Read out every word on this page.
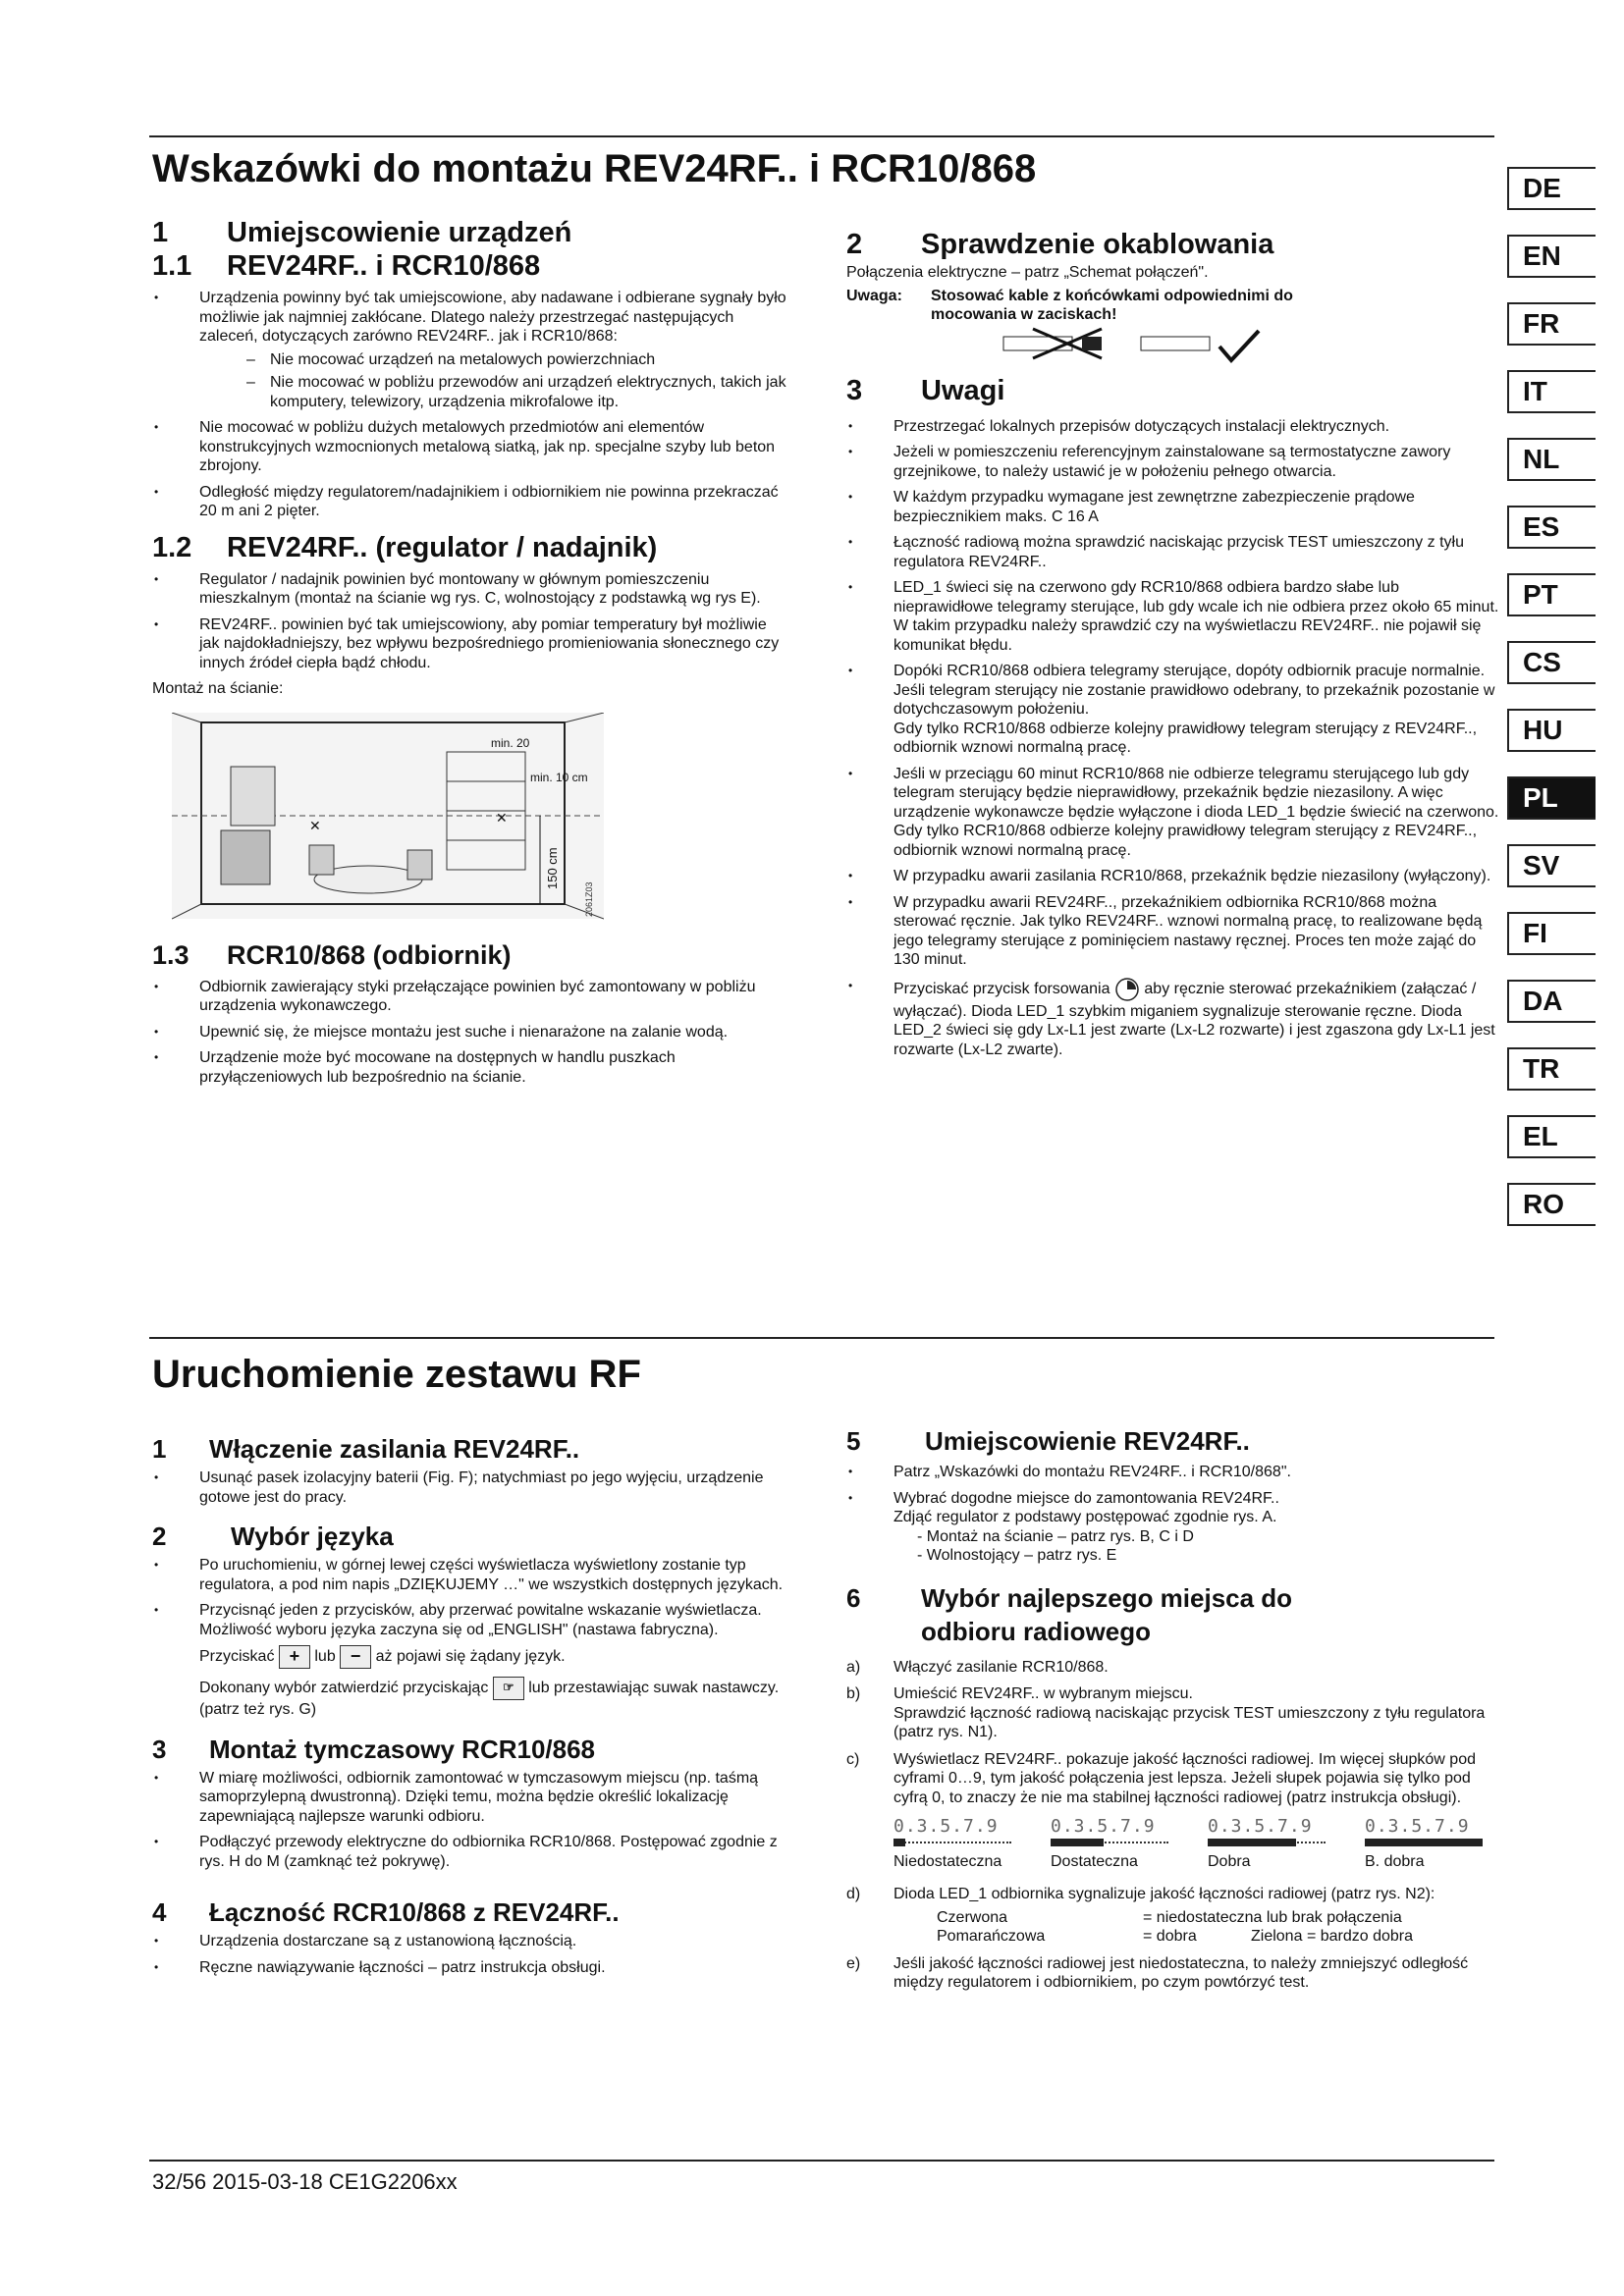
Wskazówki do montażu REV24RF.. i RCR10/868
1 Umiejscowienie urządzeń
1.1 REV24RF.. i RCR10/868
• Urządzenia powinny być tak umiejscowione, aby nadawane i odbierane sygnały było możliwie jak najmniej zakłócane. Dlatego należy przestrzegać następujących zaleceń, dotyczących zarówno REV24RF.. jak i RCR10/868:
– Nie mocować urządzeń na metalowych powierzchniach
– Nie mocować w pobliżu przewodów ani urządzeń elektrycznych, takich jak komputery, telewizory, urządzenia mikrofalowe itp.
• Nie mocować w pobliżu dużych metalowych przedmiotów ani elementów konstrukcyjnych wzmocnionych metalową siatką, jak np. specjalne szyby lub beton zbrojony.
• Odległość między regulatorem/nadajnikiem i odbiornikiem nie powinna przekraczać 20 m ani 2 pięter.
1.2 REV24RF.. (regulator / nadajnik)
• Regulator / nadajnik powinien być montowany w głównym pomieszczeniu mieszkalnym (montaż na ścianie wg rys. C, wolnostojący z podstawką wg rys E).
• REV24RF.. powinien być tak umiejscowiony, aby pomiar temperatury był możliwie jak najdokładniejszy, bez wpływu bezpośredniego promieniowania słonecznego czy innych źródeł ciepła bądź chłodu.
Montaż na ścianie:
✕	✕
min. 20
min. 10 cm
150 cm
2061Z03
1.3 RCR10/868 (odbiornik)
• Odbiornik zawierający styki przełączające powinien być zamontowany w pobliżu urządzenia wykonawczego.
• Upewnić się, że miejsce montażu jest suche i nienarażone na zalanie wodą.
• Urządzenie może być mocowane na dostępnych w handlu puszkach przyłączeniowych lub bezpośrednio na ścianie.
2 Sprawdzenie okablowania
Połączenia elektryczne – patrz „Schemat połączeń".
Uwaga:	Stosować kable z końcówkami odpowiednimi do mocowania w zaciskach!
3 Uwagi
• Przestrzegać lokalnych przepisów dotyczących instalacji elektrycznych.
• Jeżeli w pomieszczeniu referencyjnym zainstalowane są termostatyczne zawory grzejnikowe, to należy ustawić je w położeniu pełnego otwarcia.
• W każdym przypadku wymagane jest zewnętrzne zabezpieczenie prądowe bezpiecznikiem maks. C 16 A
• Łączność radiową można sprawdzić naciskając przycisk TEST umieszczony z tyłu regulatora REV24RF..
• LED_1 świeci się na czerwono gdy RCR10/868 odbiera bardzo słabe lub nieprawidłowe telegramy sterujące, lub gdy wcale ich nie odbiera przez około 65 minut.
W takim przypadku należy sprawdzić czy na wyświetlaczu REV24RF.. nie pojawił się komunikat błędu.
• Dopóki RCR10/868 odbiera telegramy sterujące, dopóty odbiornik pracuje normalnie. Jeśli telegram sterujący nie zostanie prawidłowo odebrany, to przekaźnik pozostanie w dotychczasowym położeniu.
Gdy tylko RCR10/868 odbierze kolejny prawidłowy telegram sterujący z REV24RF.., odbiornik wznowi normalną pracę.
• Jeśli w przeciągu 60 minut RCR10/868 nie odbierze telegramu sterującego lub gdy telegram sterujący będzie nieprawidłowy, przekaźnik będzie niezasilony. A więc urządzenie wykonawcze będzie wyłączone i dioda LED_1 będzie świecić na czerwono.
Gdy tylko RCR10/868 odbierze kolejny prawidłowy telegram sterujący z REV24RF.., odbiornik wznowi normalną pracę.
• W przypadku awarii zasilania RCR10/868, przekaźnik będzie niezasilony (wyłączony).
• W przypadku awarii REV24RF.., przekaźnikiem odbiornika RCR10/868 można sterować ręcznie. Jak tylko REV24RF.. wznowi normalną pracę, to realizowane będą jego telegramy sterujące z pominięciem nastawy ręcznej. Proces ten może zająć do 130 minut.
• Przyciskać przycisk forsowania aby ręcznie sterować przekaźnikiem (załączać / wyłączać). Dioda LED_1 szybkim miganiem sygnalizuje sterowanie ręczne. Dioda LED_2 świeci się gdy Lx-L1 jest zwarte (Lx-L2 rozwarte) i jest zgaszona gdy Lx-L1 jest rozwarte (Lx-L2 zwarte).
Uruchomienie zestawu RF
1 Włączenie zasilania REV24RF..
• Usunąć pasek izolacyjny baterii (Fig. F); natychmiast po jego wyjęciu, urządzenie gotowe jest do pracy.
2	Wybór języka
• Po uruchomieniu, w górnej lewej części wyświetlacza wyświetlony zostanie typ regulatora, a pod nim napis „DZIĘKUJEMY …" we wszystkich dostępnych językach.
• Przycisnąć jeden z przycisków, aby przerwać powitalne wskazanie wyświetlacza. Możliwość wyboru języka zaczyna się od „ENGLISH" (nastawa fabryczna).
Przyciskać + lub − aż pojawi się żądany język.
Dokonany wybór zatwierdzić przyciskając ☞ lub przestawiając suwak nastawczy. (patrz też rys. G)
3 Montaż tymczasowy RCR10/868
• W miarę możliwości, odbiornik zamontować w tymczasowym miejscu (np. taśmą samoprzylepną dwustronną). Dzięki temu, można będzie określić lokalizację zapewniającą najlepsze warunki odbioru.
• Podłączyć przewody elektryczne do odbiornika RCR10/868. Postępować zgodnie z rys. H do M (zamknąć też pokrywę).
4 Łączność RCR10/868 z REV24RF..
• Urządzenia dostarczane są z ustanowioną łącznością.
• Ręczne nawiązywanie łączności – patrz instrukcja obsługi.
5	Umiejscowienie REV24RF..
• Patrz „Wskazówki do montażu REV24RF.. i RCR10/868".
• Wybrać dogodne miejsce do zamontowania REV24RF..
Zdjąć regulator z podstawy postępować zgodnie rys. A.
- Montaż na ścianie – patrz rys. B, C i D
- Wolnostojący – patrz rys. E
6 Wybór najlepszego miejsca do
odbioru radiowego
a)	Włączyć zasilanie RCR10/868.
b)	Umieścić REV24RF.. w wybranym miejscu.
Sprawdzić łączność radiową naciskając przycisk TEST umieszczony z tyłu regulatora (patrz rys. N1).
c)	Wyświetlacz REV24RF.. pokazuje jakość łączności radiowej. Im więcej słupków pod cyframi 0…9, tym jakość połączenia jest lepsza. Jeżeli słupek pojawia się tylko pod cyfrą 0, to znaczy że nie ma stabilnej łączności radiowej (patrz instrukcja obsługi).
0.3.5.7.9
Niedostateczna
0.3.5.7.9
Dostateczna
0.3.5.7.9
Dobra
0.3.5.7.9
B. dobra
d)	Dioda LED_1 odbiornika sygnalizuje jakość łączności radiowej (patrz rys. N2):
Czerwona	= niedostateczna lub brak połączenia
Pomarańczowa	= dobra	Zielona = bardzo dobra
e)	Jeśli jakość łączności radiowej jest niedostateczna, to należy zmniejszyć odległość między regulatorem i odbiornikiem, po czym powtórzyć test.
DE
EN
FR
IT
NL
ES
PT
CS
HU
PL
SV
FI
DA
TR
EL
RO
32/56 2015-03-18 CE1G2206xx
